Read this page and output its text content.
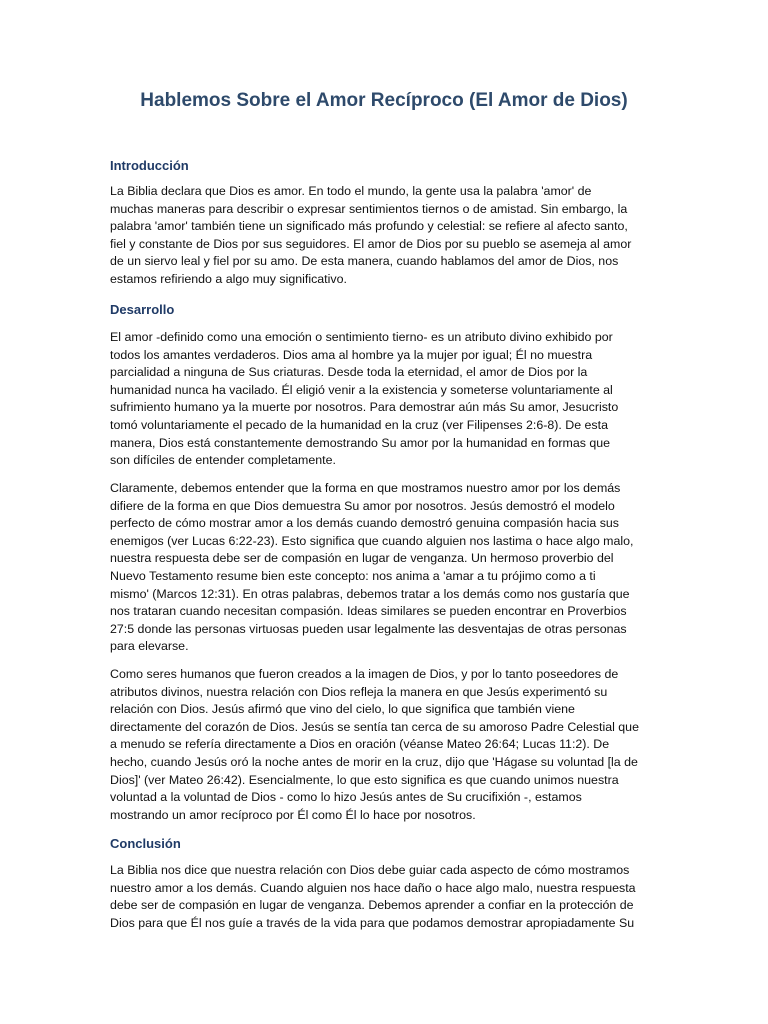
Hablemos Sobre el Amor Recíproco (El Amor de Dios)
Introducción

La Biblia declara que Dios es amor. En todo el mundo, la gente usa la palabra 'amor' de
muchas maneras para describir o expresar sentimientos tiernos o de amistad. Sin embargo, la
palabra 'amor' también tiene un significado más profundo y celestial: se refiere al afecto santo,
fiel y constante de Dios por sus seguidores. El amor de Dios por su pueblo se asemeja al amor
de un siervo leal y fiel por su amo. De esta manera, cuando hablamos del amor de Dios, nos
estamos refiriendo a algo muy significativo.

Desarrollo

El amor -definido como una emoción o sentimiento tierno- es un atributo divino exhibido por
todos los amantes verdaderos. Dios ama al hombre ya la mujer por igual; Él no muestra
parcialidad a ninguna de Sus criaturas. Desde toda la eternidad, el amor de Dios por la
humanidad nunca ha vacilado. Él eligió venir a la existencia y someterse voluntariamente al
sufrimiento humano ya la muerte por nosotros. Para demostrar aún más Su amor, Jesucristo
tomó voluntariamente el pecado de la humanidad en la cruz (ver Filipenses 2:6-8). De esta
manera, Dios está constantemente demostrando Su amor por la humanidad en formas que
son difíciles de entender completamente.

Claramente, debemos entender que la forma en que mostramos nuestro amor por los demás
difiere de la forma en que Dios demuestra Su amor por nosotros. Jesús demostró el modelo
perfecto de cómo mostrar amor a los demás cuando demostró genuina compasión hacia sus
enemigos (ver Lucas 6:22-23). Esto significa que cuando alguien nos lastima o hace algo malo,
nuestra respuesta debe ser de compasión en lugar de venganza. Un hermoso proverbio del
Nuevo Testamento resume bien este concepto: nos anima a 'amar a tu prójimo como a ti
mismo' (Marcos 12:31). En otras palabras, debemos tratar a los demás como nos gustaría que
nos trataran cuando necesitan compasión. Ideas similares se pueden encontrar en Proverbios
27:5 donde las personas virtuosas pueden usar legalmente las desventajas de otras personas
para elevarse.

Como seres humanos que fueron creados a la imagen de Dios, y por lo tanto poseedores de
atributos divinos, nuestra relación con Dios refleja la manera en que Jesús experimentó su
relación con Dios. Jesús afirmó que vino del cielo, lo que significa que también viene
directamente del corazón de Dios. Jesús se sentía tan cerca de su amoroso Padre Celestial que
a menudo se refería directamente a Dios en oración (véanse Mateo 26:64; Lucas 11:2). De
hecho, cuando Jesús oró la noche antes de morir en la cruz, dijo que 'Hágase su voluntad [la de
Dios]' (ver Mateo 26:42). Esencialmente, lo que esto significa es que cuando unimos nuestra
voluntad a la voluntad de Dios - como lo hizo Jesús antes de Su crucifixión -, estamos
mostrando un amor recíproco por Él como Él lo hace por nosotros.

Conclusión

La Biblia nos dice que nuestra relación con Dios debe guiar cada aspecto de cómo mostramos
nuestro amor a los demás. Cuando alguien nos hace daño o hace algo malo, nuestra respuesta
debe ser de compasión en lugar de venganza. Debemos aprender a confiar en la protección de
Dios para que Él nos guíe a través de la vida para que podamos demostrar apropiadamente Su
